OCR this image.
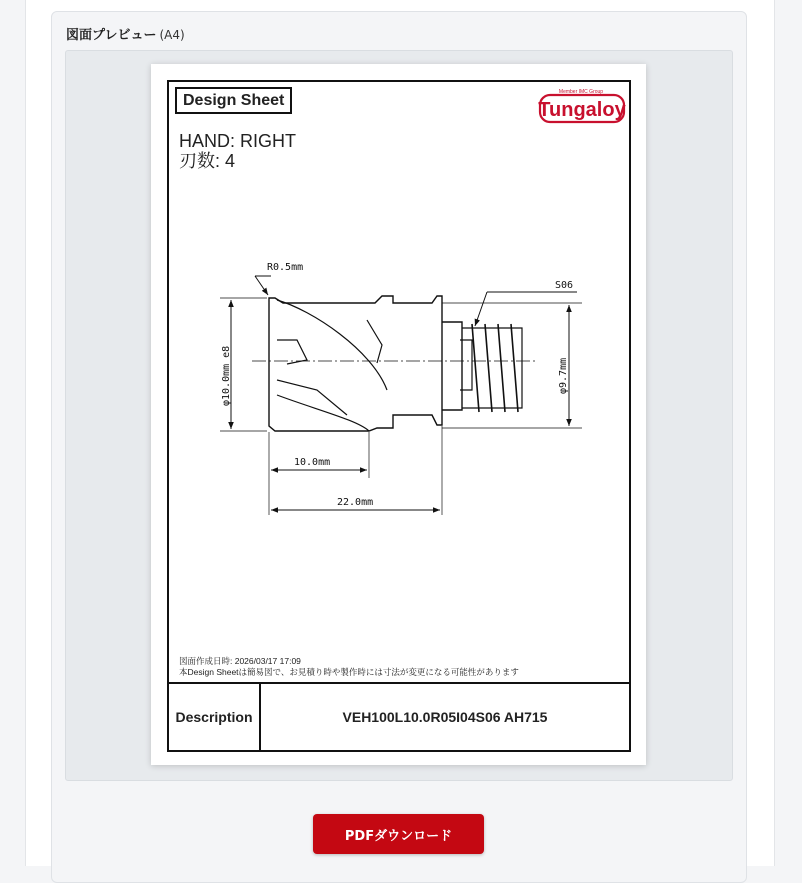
図面プレビュー (A4)
Design Sheet	Member IMC Group
Tungaloy
HAND: RIGHT
刃数: 4
R0.5mm
S06
10.0mm
22.0mm
φ10.0mm e8	φ9.7mm
図面作成日時: 2026/03/17 17:09
本Design Sheetは簡易図で、お見積り時や製作時には寸法が変更になる可能性があります
Description	VEH100L10.0R05I04S06 AH715
PDFダウンロード
